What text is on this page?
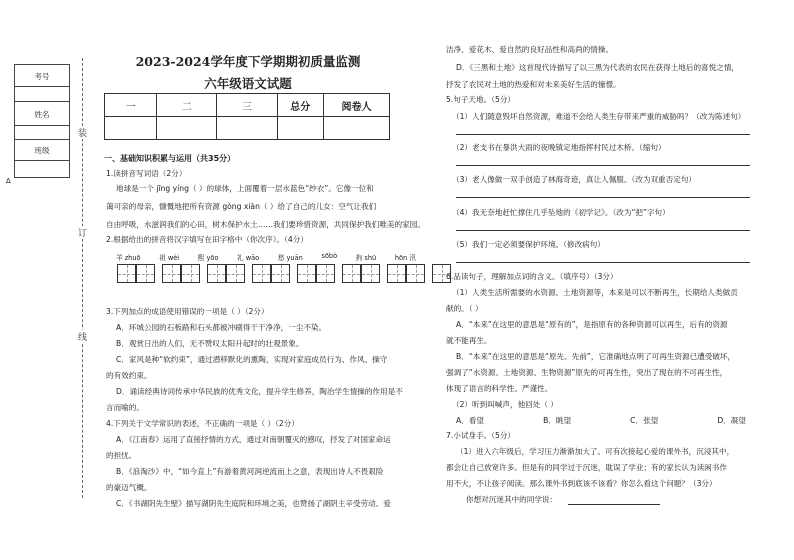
考号
姓名
班级
∆
装
订
线
2023-2024学年度下学期期初质量监测
六年级语文试题
一	二	三	总分	阅卷人

一、基础知识积累与运用（共35分）
1.读拼音写词语（2分）
地球是一个 jīng yíng（ ）的球体，上面覆着一层水蓝色“纱衣”。它像一位和
蔼可亲的母亲，慷慨地把所有资源 gòng xiàn（ ）给了自己的儿女：空气让我们
自由呼吸，水滋润我们的心田，树木保护水土……我们要珍惜资源，共同保护我们唯美的家园。
2.根据给出的拼音将汉字填写在田字格中（你次序）。（4分）
羊 zhuō	祖 wèi	熙 yōo	礼 wāo	愁 yuān	sōbò	拘 shū	hōn 汛
3.下列加点的成语使用错误的一项是（ ）（2分）
A．环城公园的石板路和石头都被冲刷得干干净净，一尘不染。
B．观赏日出的人们，无不赞叹太阳升起时的壮观景象。
C．家风是种“软约束”，通过潜移默化的熏陶，实现对家庭成员行为、作风、操守
的有效约束。
D．诵读经典诗词传承中华民族的优秀文化，提升学生修养，陶冶学生情操的作用是不
言而喻的。
4.下列关于文学常识的表述，不正确的一项是（ ）（2分）
A．《江南春》运用了直接抒情的方式，通过对南朝覆灭的感叹，抒发了对国家命运
的担忧。
B．《浪淘沙》中，“如今直上”有游着黄河润逆流而上之意，表现出诗人不畏艰险
的豪迈气概。
C．《书湖阴先生壁》描写湖阴先生庭院和环境之美，也赞扬了湖阴主辛受劳动、爱
洁净、爱花木、爱自然的良好品性和高尚的情操。
D．《三黑和土地》这首现代诗描写了以三黑为代表的农民在获得土地后的喜悦之情，
抒发了农民对土地的热爱和对未来美好生活的憧憬。
5.句子天地。（5分）
（1）人们随意毁坏自然资源，难道不会给人类生存带来严重的威胁吗？（改为陈述句）
（2）老支书在暴洪大雨的夜晚镇定地指挥村民过木桥。（缩句）
（3）老人像做一双手创造了林海奇迹，真让人佩服。（改为双重否定句）
（4）我无奈地赶忙撑住几乎坠地的《初学记》。（改为“把”字句）
（5）我们一定必须要保护环境。（修改病句）
6.品读句子，理解加点词的含义。（填序号）（3分）
（1）人类生活所需要的水资源、土地资源等，本来是可以不断再生，长期给人类做贡
献的。（ ）
A．“本来”在这里的意思是“原有的”，是指原有的各种资源可以再生，后有的资源
就不能再生。
B．“本来”在这里的意思是“原先、先前”，它准确地点明了可再生资源已遭受破坏，
强调了“水资源、土地资源、生物资源”原先的可再生性，突出了现在的不可再生性，
体现了语言的科学性、严谨性。
（2）听到叫喊声，他回处（ ）
A．看望	B．眺望	C．张望	D．凝望
7.小试身手。（5分）
（1）进入六年级后，学习压力渐渐加大了。可有次接起心爱的课外书，沉浸其中，
都会让自己放宽许多。但是有的同学过于沉迷，耽误了学业；有的家长认为读闲书作
用不大，不让孩子阅读。那么课外书到底该不该看？你怎么看这个问题？（3分）
你想对沉迷其中的同学说：
